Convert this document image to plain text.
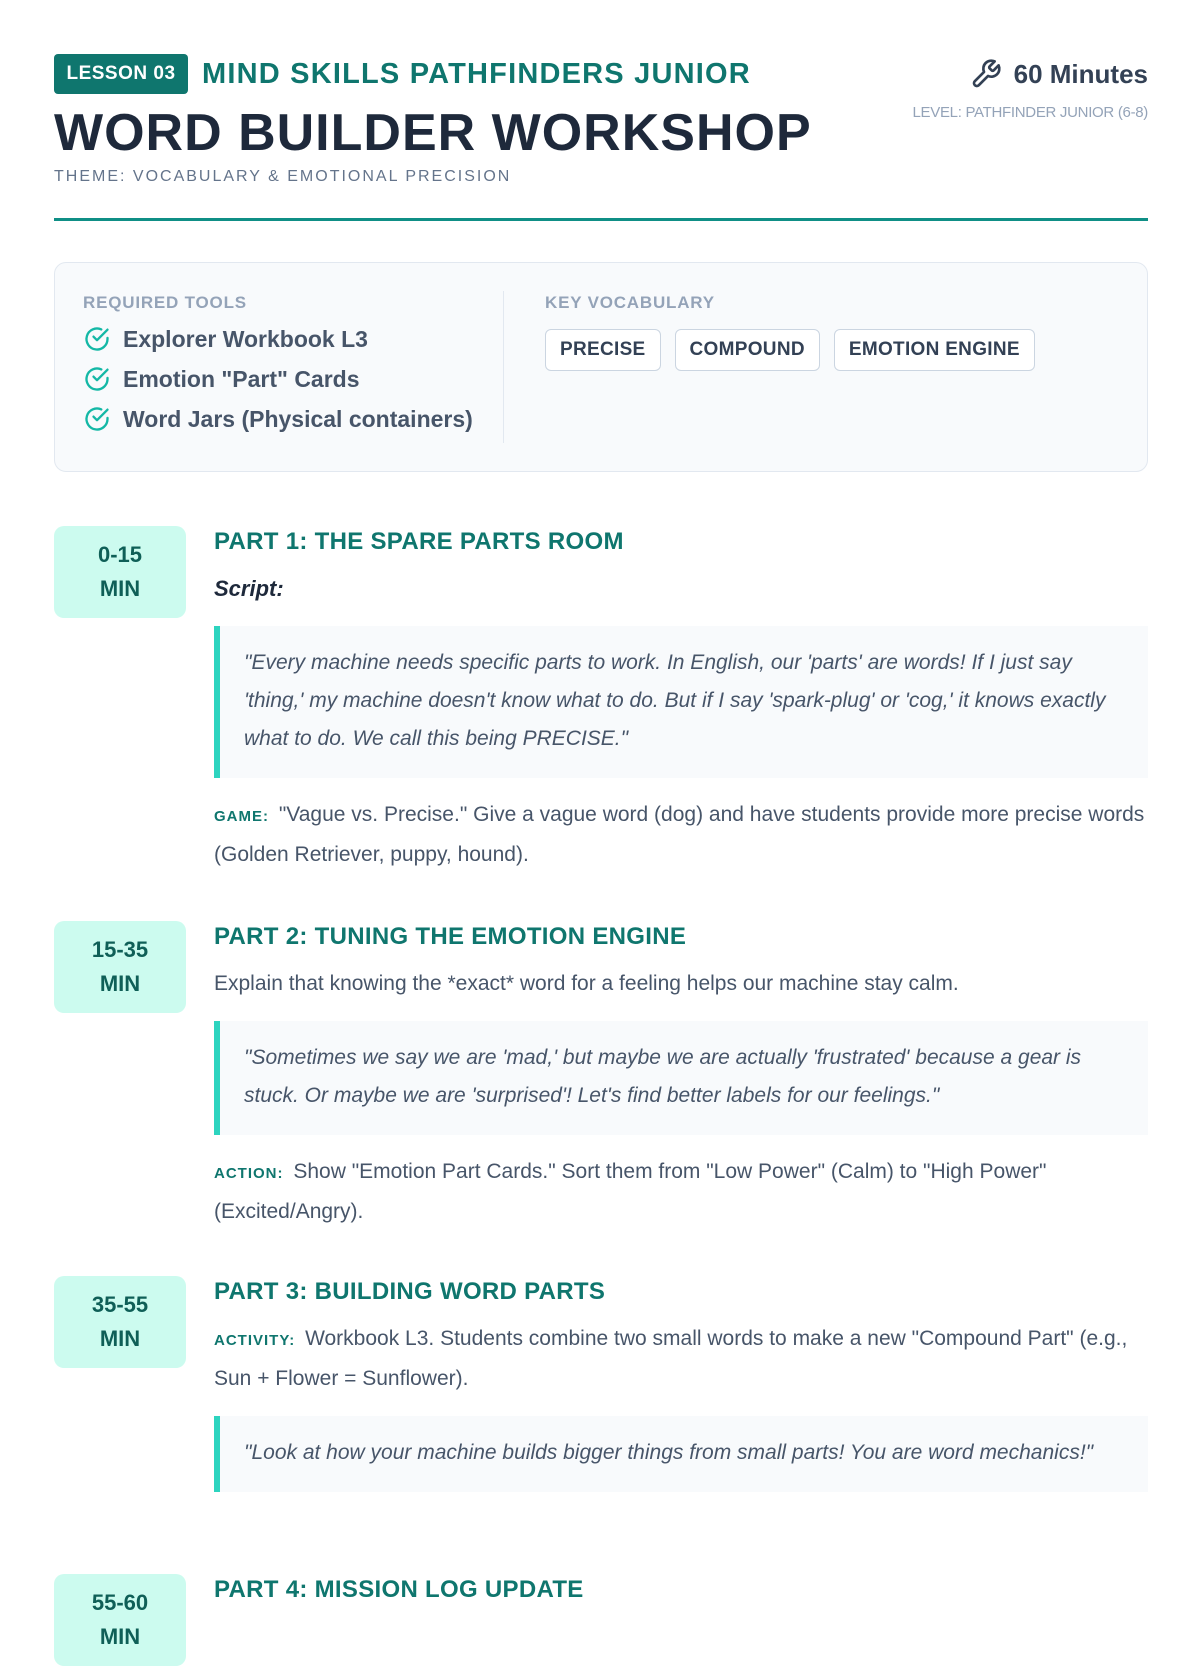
LESSON 03 MIND SKILLS PATHFINDERS JUNIOR
WORD BUILDER WORKSHOP
THEME: VOCABULARY & EMOTIONAL PRECISION
60 Minutes
LEVEL: PATHFINDER JUNIOR (6-8)
REQUIRED TOOLS
Explorer Workbook L3
Emotion "Part" Cards
Word Jars (Physical containers)
KEY VOCABULARY
PRECISE	COMPOUND	EMOTION ENGINE
0-15
MIN
PART 1: THE SPARE PARTS ROOM
Script:
"Every machine needs specific parts to work. In English, our 'parts' are words! If I just say 'thing,' my machine doesn't know what to do. But if I say 'spark-plug' or 'cog,' it knows exactly what to do. We call this being PRECISE."
GAME: "Vague vs. Precise." Give a vague word (dog) and have students provide more precise words (Golden Retriever, puppy, hound).
15-35
MIN
PART 2: TUNING THE EMOTION ENGINE
Explain that knowing the *exact* word for a feeling helps our machine stay calm.
"Sometimes we say we are 'mad,' but maybe we are actually 'frustrated' because a gear is stuck. Or maybe we are 'surprised'! Let's find better labels for our feelings."
ACTION: Show "Emotion Part Cards." Sort them from "Low Power" (Calm) to "High Power" (Excited/Angry).
35-55
MIN
PART 3: BUILDING WORD PARTS
ACTIVITY: Workbook L3. Students combine two small words to make a new "Compound Part" (e.g., Sun + Flower = Sunflower).
"Look at how your machine builds bigger things from small parts! You are word mechanics!"
55-60
MIN
PART 4: MISSION LOG UPDATE
